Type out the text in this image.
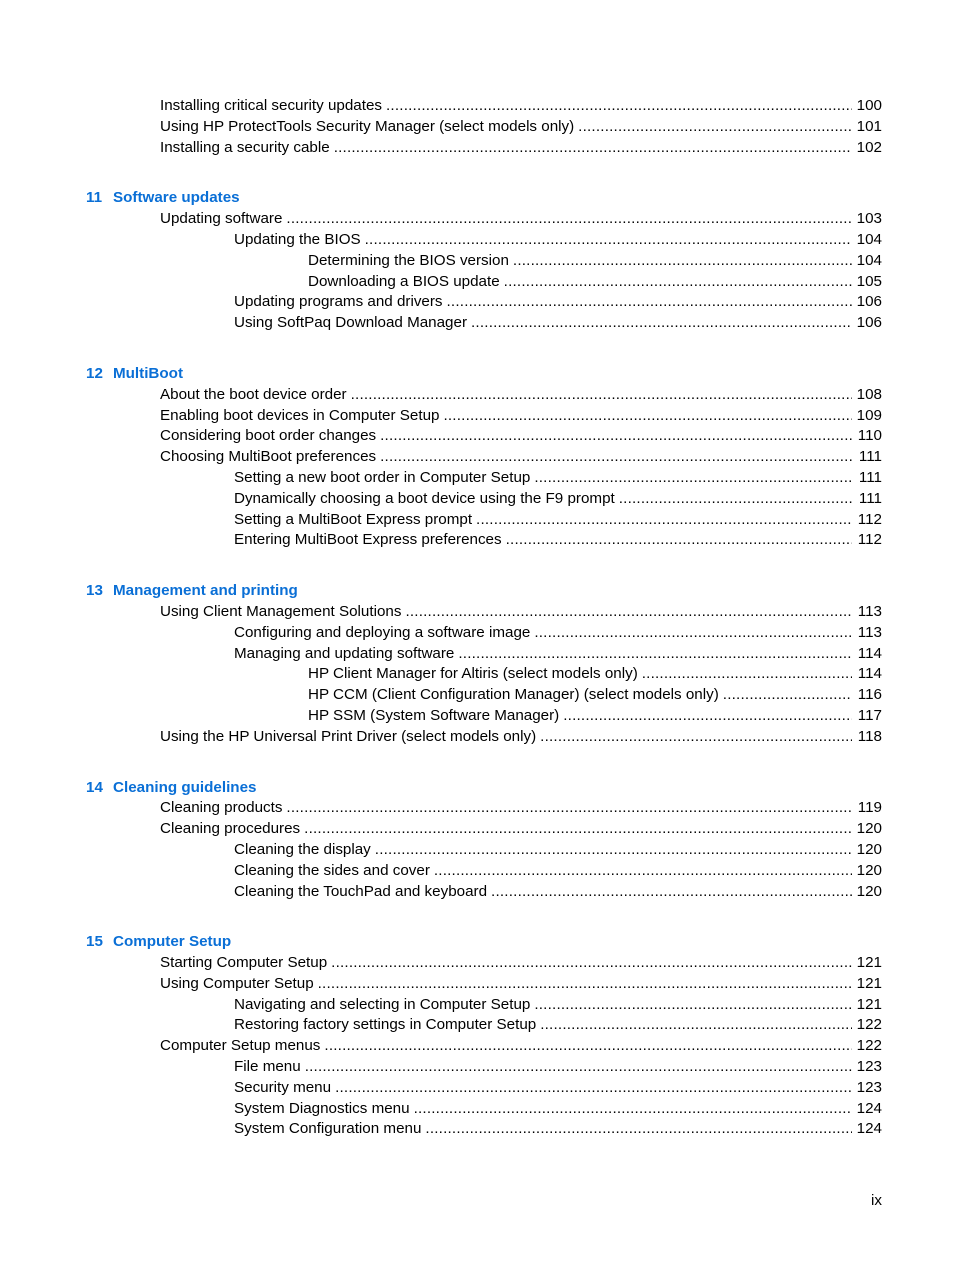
Installing critical security updates .....	100
Using HP ProtectTools Security Manager (select models only) .....	101
Installing a security cable .....	102
11 Software updates
Updating software .....	103
Updating the BIOS .....	104
Determining the BIOS version .....	104
Downloading a BIOS update .....	105
Updating programs and drivers .....	106
Using SoftPaq Download Manager .....	106
12 MultiBoot
About the boot device order .....	108
Enabling boot devices in Computer Setup .....	109
Considering boot order changes .....	110
Choosing MultiBoot preferences .....	111
Setting a new boot order in Computer Setup .....	111
Dynamically choosing a boot device using the F9 prompt .....	111
Setting a MultiBoot Express prompt .....	112
Entering MultiBoot Express preferences .....	112
13 Management and printing
Using Client Management Solutions .....	113
Configuring and deploying a software image .....	113
Managing and updating software .....	114
HP Client Manager for Altiris (select models only) .....	114
HP CCM (Client Configuration Manager) (select models only) .....	116
HP SSM (System Software Manager) .....	117
Using the HP Universal Print Driver (select models only) .....	118
14 Cleaning guidelines
Cleaning products .....	119
Cleaning procedures .....	120
Cleaning the display .....	120
Cleaning the sides and cover .....	120
Cleaning the TouchPad and keyboard .....	120
15 Computer Setup
Starting Computer Setup .....	121
Using Computer Setup .....	121
Navigating and selecting in Computer Setup .....	121
Restoring factory settings in Computer Setup .....	122
Computer Setup menus .....	122
File menu .....	123
Security menu .....	123
System Diagnostics menu .....	124
System Configuration menu .....	124
ix
